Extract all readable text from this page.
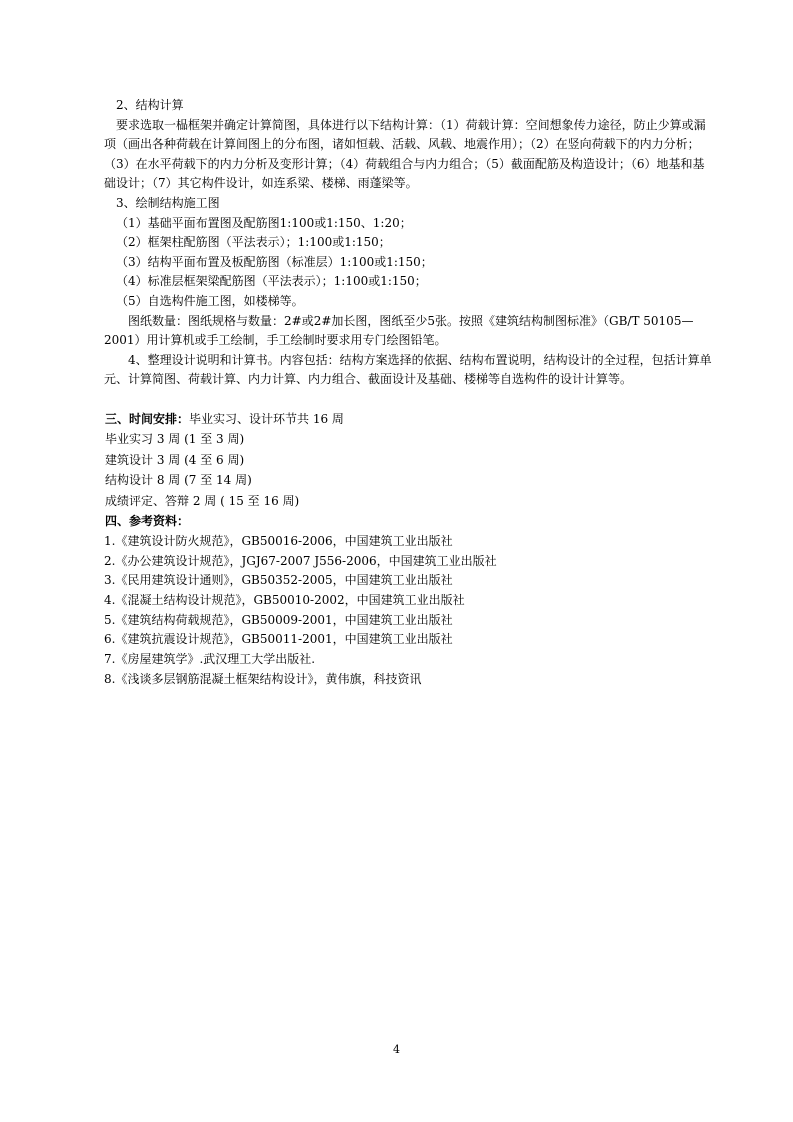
2、结构计算

要求选取一榀框架并确定计算简图，具体进行以下结构计算：（1）荷载计算：空间想象传力途径，防止少算或漏项（画出各种荷载在计算间图上的分布图，诸如恒载、活载、风载、地震作用）；（2）在竖向荷载下的内力分析；（3）在水平荷载下的内力分析及变形计算；（4）荷载组合与内力组合；（5）截面配筋及构造设计；（6）地基和基础设计；（7）其它构件设计，如连系梁、楼梯、雨蓬梁等。

3、绘制结构施工图

（1）基础平面布置图及配筋图1:100或1:150、1:20；

（2）框架柱配筋图（平法表示）；1:100或1:150；

（3）结构平面布置及板配筋图（标准层）1:100或1:150；

（4）标准层框架梁配筋图（平法表示）；1:100或1:150；

（5）自选构件施工图，如楼梯等。

图纸数量：图纸规格与数量：2#或2#加长图，图纸至少5张。按照《建筑结构制图标准》（GB/T 50105—2001）用计算机或手工绘制，手工绘制时要求用专门绘图铅笔。

4、整理设计说明和计算书。内容包括：结构方案选择的依据、结构布置说明，结构设计的全过程，包括计算单元、计算简图、荷载计算、内力计算、内力组合、截面设计及基础、楼梯等自选构件的设计计算等。

三、时间安排：毕业实习、设计环节共 16 周

毕业实习 3 周 (1 至 3 周)

建筑设计 3 周 (4 至 6 周)

结构设计 8 周 (7 至 14 周)

成绩评定、答辩 2 周 ( 15 至 16 周)

四、参考资料：

1.《建筑设计防火规范》，GB50016-2006，中国建筑工业出版社
2.《办公建筑设计规范》，JGJ67-2007 J556-2006，中国建筑工业出版社
3.《民用建筑设计通则》，GB50352-2005，中国建筑工业出版社
4.《混凝土结构设计规范》，GB50010-2002，中国建筑工业出版社
5.《建筑结构荷载规范》，GB50009-2001，中国建筑工业出版社
6.《建筑抗震设计规范》，GB50011-2001，中国建筑工业出版社
7.《房屋建筑学》.武汉理工大学出版社.
8.《浅谈多层钢筋混凝土框架结构设计》，黄伟旗，科技资讯
4
